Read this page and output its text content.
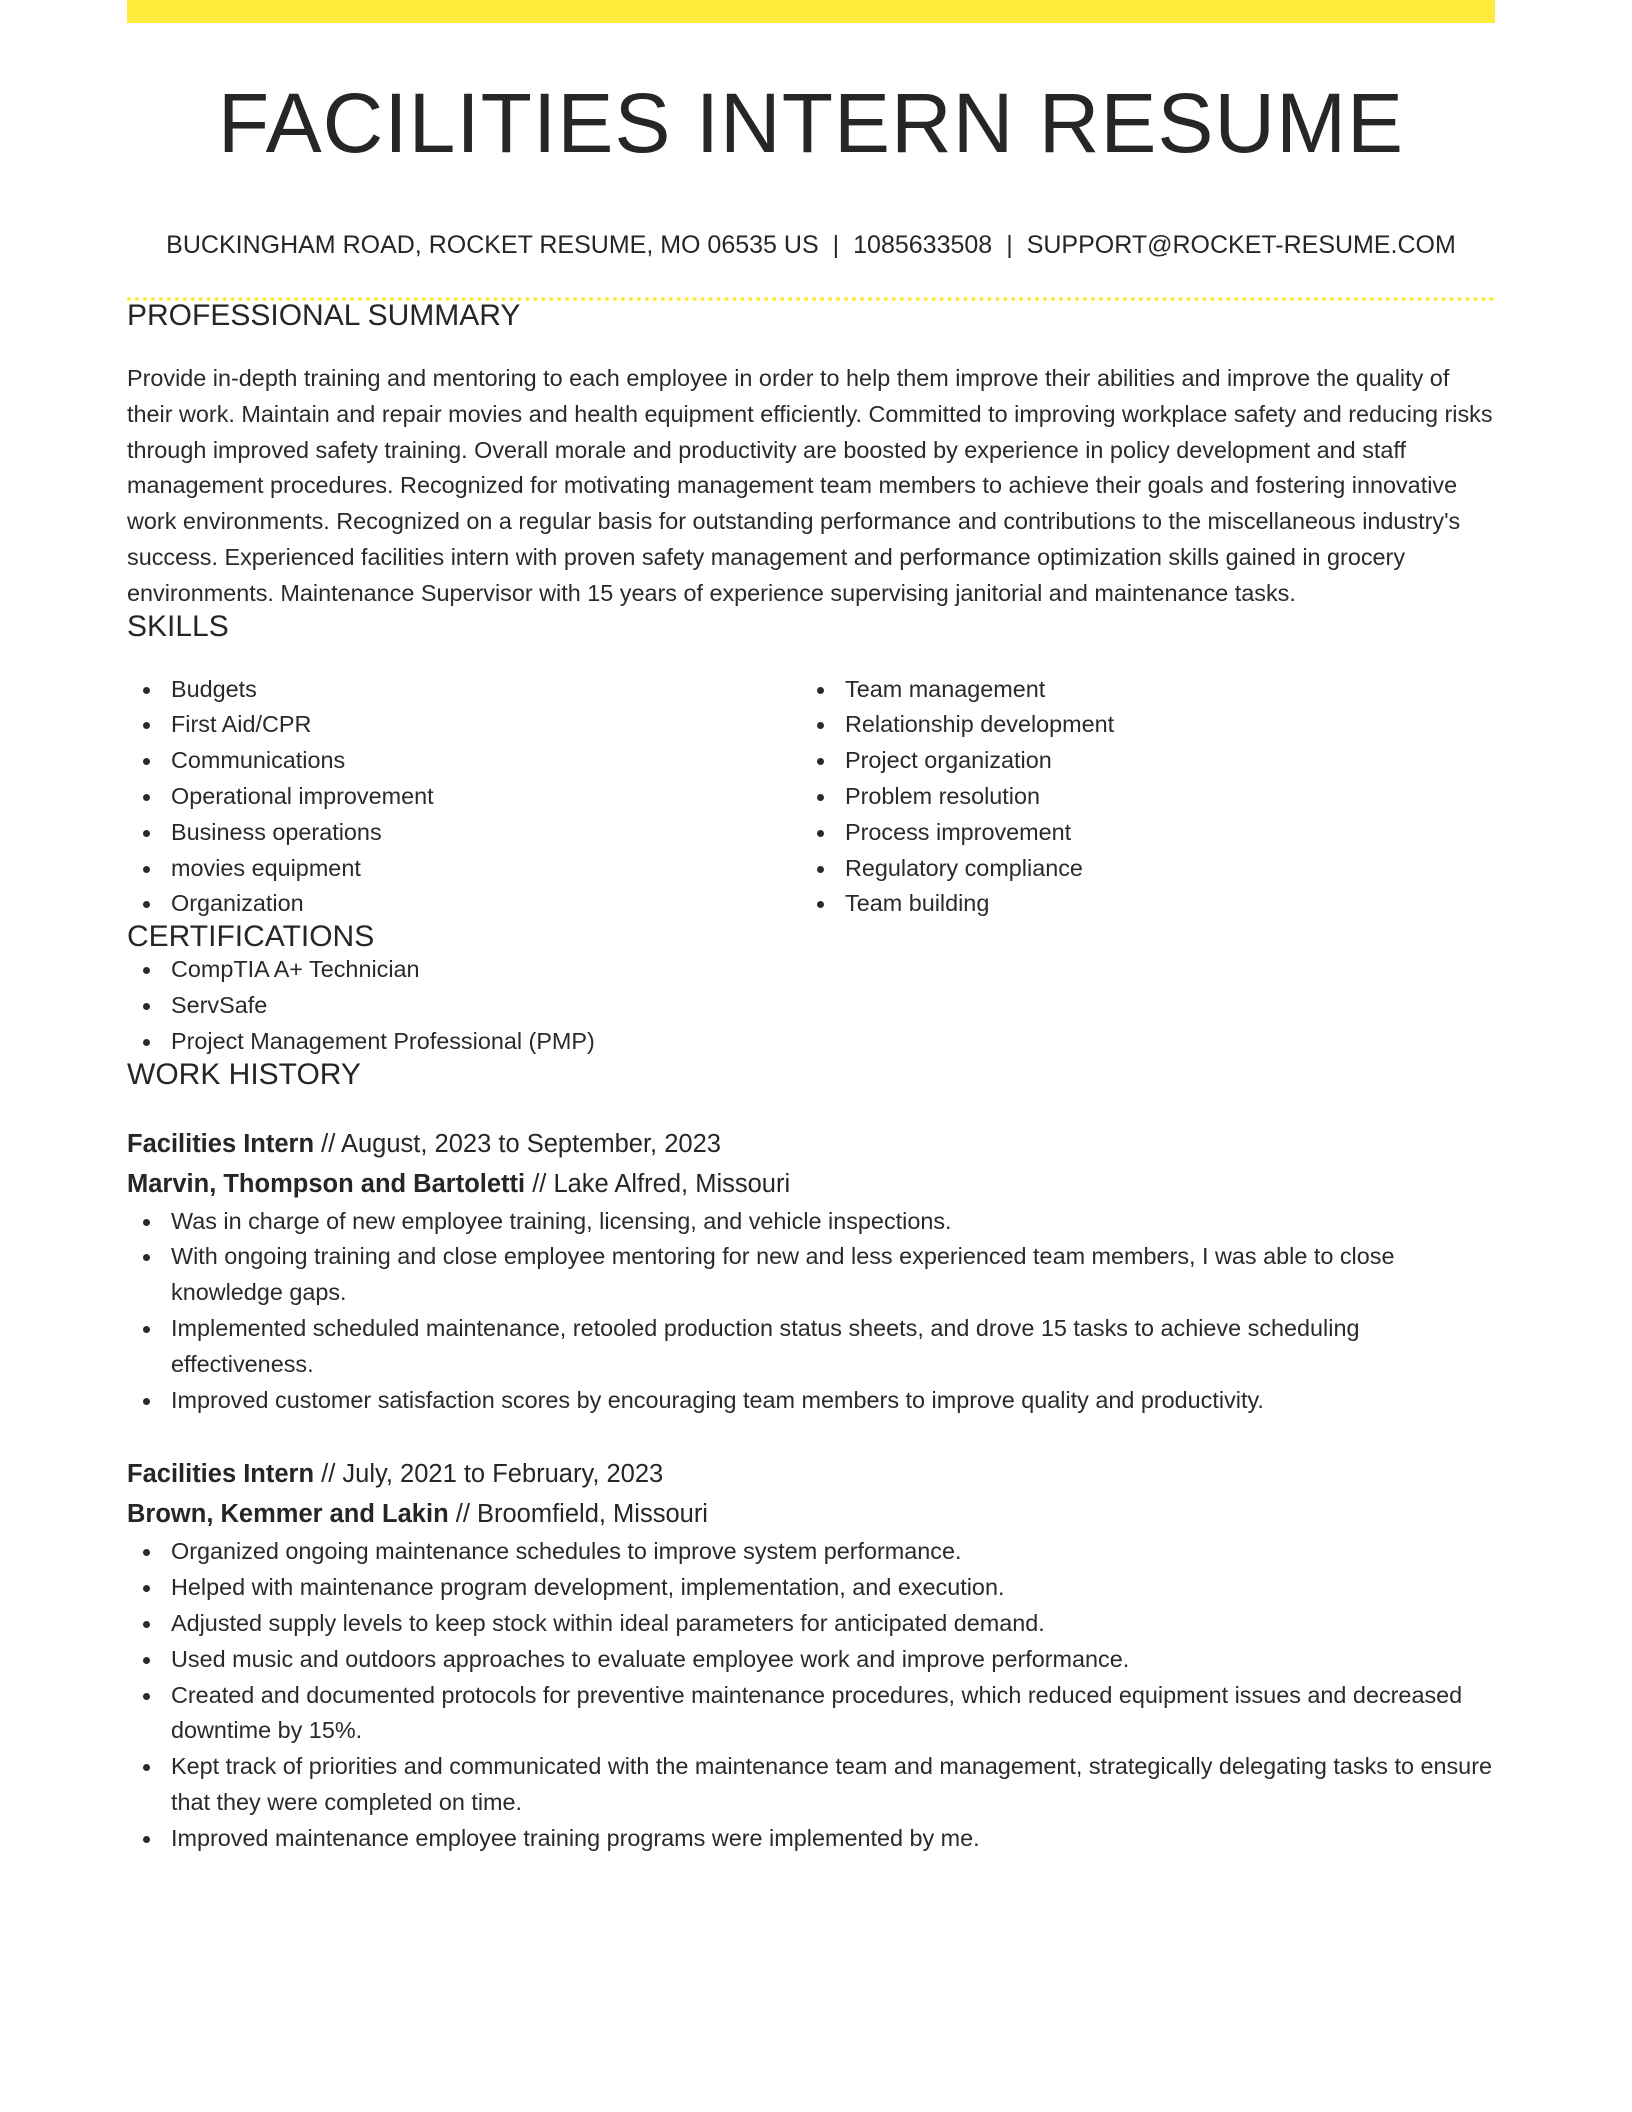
FACILITIES INTERN RESUME
BUCKINGHAM ROAD, ROCKET RESUME, MO 06535 US | 1085633508 | SUPPORT@ROCKET-RESUME.COM
PROFESSIONAL SUMMARY

Provide in-depth training and mentoring to each employee in order to help them improve their abilities and improve the quality of their work. Maintain and repair movies and health equipment efficiently. Committed to improving workplace safety and reducing risks through improved safety training. Overall morale and productivity are boosted by experience in policy development and staff management procedures. Recognized for motivating management team members to achieve their goals and fostering innovative work environments. Recognized on a regular basis for outstanding performance and contributions to the miscellaneous industry's success. Experienced facilities intern with proven safety management and performance optimization skills gained in grocery environments. Maintenance Supervisor with 15 years of experience supervising janitorial and maintenance tasks.

SKILLS
Budgets
First Aid/CPR
Communications
Operational improvement
Business operations
movies equipment
Organization
Team management
Relationship development
Project organization
Problem resolution
Process improvement
Regulatory compliance
Team building
CERTIFICATIONS
CompTIA A+ Technician
ServSafe
Project Management Professional (PMP)
WORK HISTORY
Facilities Intern // August, 2023 to September, 2023
Marvin, Thompson and Bartoletti // Lake Alfred, Missouri
Was in charge of new employee training, licensing, and vehicle inspections.
With ongoing training and close employee mentoring for new and less experienced team members, I was able to close knowledge gaps.
Implemented scheduled maintenance, retooled production status sheets, and drove 15 tasks to achieve scheduling effectiveness.
Improved customer satisfaction scores by encouraging team members to improve quality and productivity.
Facilities Intern // July, 2021 to February, 2023
Brown, Kemmer and Lakin // Broomfield, Missouri
Organized ongoing maintenance schedules to improve system performance.
Helped with maintenance program development, implementation, and execution.
Adjusted supply levels to keep stock within ideal parameters for anticipated demand.
Used music and outdoors approaches to evaluate employee work and improve performance.
Created and documented protocols for preventive maintenance procedures, which reduced equipment issues and decreased downtime by 15%.
Kept track of priorities and communicated with the maintenance team and management, strategically delegating tasks to ensure that they were completed on time.
Improved maintenance employee training programs were implemented by me.
